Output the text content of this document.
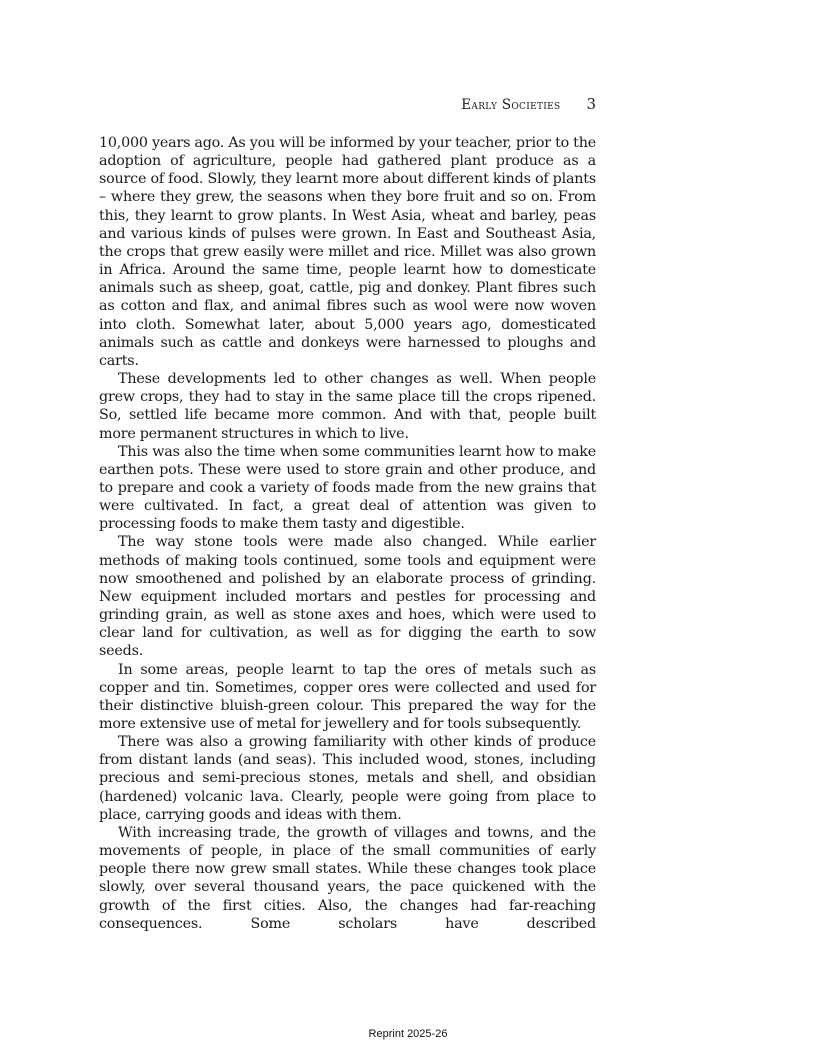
Early Societies 3

10,000 years ago. As you will be informed by your teacher, prior to the adoption of agriculture, people had gathered plant produce as a source of food. Slowly, they learnt more about different kinds of plants – where they grew, the seasons when they bore fruit and so on. From this, they learnt to grow plants. In West Asia, wheat and barley, peas and various kinds of pulses were grown. In East and Southeast Asia, the crops that grew easily were millet and rice. Millet was also grown in Africa. Around the same time, people learnt how to domesticate animals such as sheep, goat, cattle, pig and donkey. Plant fibres such as cotton and flax, and animal fibres such as wool were now woven into cloth. Somewhat later, about 5,000 years ago, domesticated animals such as cattle and donkeys were harnessed to ploughs and carts.

These developments led to other changes as well. When people grew crops, they had to stay in the same place till the crops ripened. So, settled life became more common. And with that, people built more permanent structures in which to live.

This was also the time when some communities learnt how to make earthen pots. These were used to store grain and other produce, and to prepare and cook a variety of foods made from the new grains that were cultivated. In fact, a great deal of attention was given to processing foods to make them tasty and digestible.

The way stone tools were made also changed. While earlier methods of making tools continued, some tools and equipment were now smoothened and polished by an elaborate process of grinding. New equipment included mortars and pestles for processing and grinding grain, as well as stone axes and hoes, which were used to clear land for cultivation, as well as for digging the earth to sow seeds.

In some areas, people learnt to tap the ores of metals such as copper and tin. Sometimes, copper ores were collected and used for their distinctive bluish-green colour. This prepared the way for the more extensive use of metal for jewellery and for tools subsequently.

There was also a growing familiarity with other kinds of produce from distant lands (and seas). This included wood, stones, including precious and semi-precious stones, metals and shell, and obsidian (hardened) volcanic lava. Clearly, people were going from place to place, carrying goods and ideas with them.

With increasing trade, the growth of villages and towns, and the movements of people, in place of the small communities of early people there now grew small states. While these changes took place slowly, over several thousand years, the pace quickened with the growth of the first cities. Also, the changes had far-reaching consequences. Some scholars have described

Reprint 2025-26
